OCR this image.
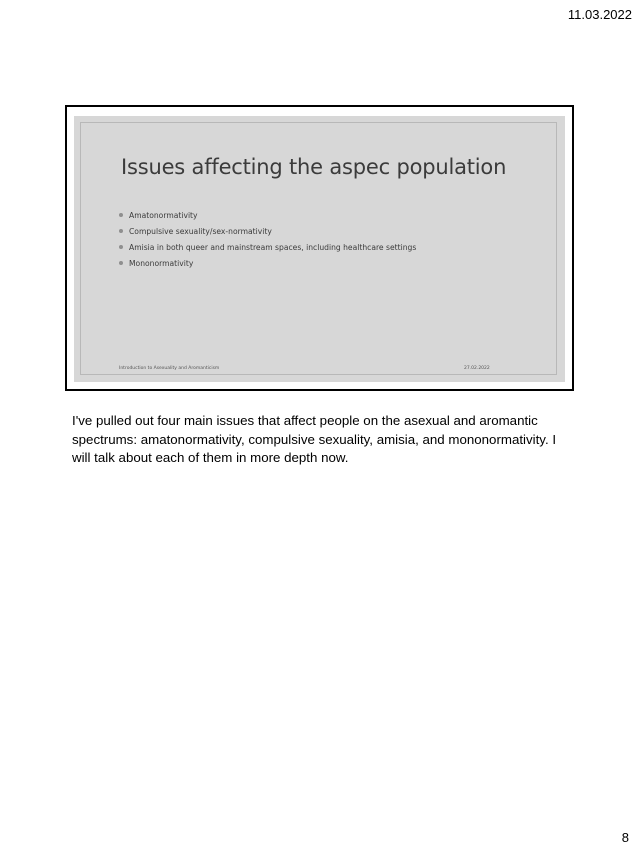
11.03.2022
Issues affecting the aspec population
Amatonormativity
Compulsive sexuality/sex-normativity
Amisia in both queer and mainstream spaces, including healthcare settings
Mononormativity
Introduction to Asexuality and Aromanticism	27.02.2022

I've pulled out four main issues that affect people on the asexual and aromantic spectrums: amatonormativity, compulsive sexuality, amisia, and mononormativity. I will talk about each of them in more depth now.

8
